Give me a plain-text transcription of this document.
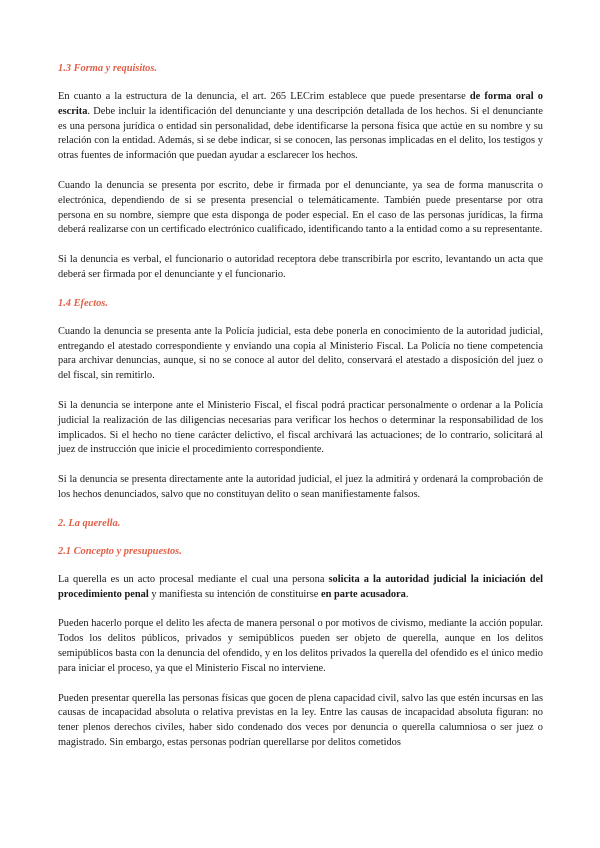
1.3 Forma y requisitos.

En cuanto a la estructura de la denuncia, el art. 265 LECrim establece que puede presentarse de forma oral o escrita. Debe incluir la identificación del denunciante y una descripción detallada de los hechos. Si el denunciante es una persona jurídica o entidad sin personalidad, debe identificarse la persona física que actúe en su nombre y su relación con la entidad. Además, si se debe indicar, si se conocen, las personas implicadas en el delito, los testigos y otras fuentes de información que puedan ayudar a esclarecer los hechos.

Cuando la denuncia se presenta por escrito, debe ir firmada por el denunciante, ya sea de forma manuscrita o electrónica, dependiendo de si se presenta presencial o telemáticamente. También puede presentarse por otra persona en su nombre, siempre que esta disponga de poder especial. En el caso de las personas jurídicas, la firma deberá realizarse con un certificado electrónico cualificado, identificando tanto a la entidad como a su representante.

Si la denuncia es verbal, el funcionario o autoridad receptora debe transcribirla por escrito, levantando un acta que deberá ser firmada por el denunciante y el funcionario.

1.4 Efectos.

Cuando la denuncia se presenta ante la Policía judicial, esta debe ponerla en conocimiento de la autoridad judicial, entregando el atestado correspondiente y enviando una copia al Ministerio Fiscal. La Policía no tiene competencia para archivar denuncias, aunque, si no se conoce al autor del delito, conservará el atestado a disposición del juez o del fiscal, sin remitirlo.

Si la denuncia se interpone ante el Ministerio Fiscal, el fiscal podrá practicar personalmente o ordenar a la Policía judicial la realización de las diligencias necesarias para verificar los hechos o determinar la responsabilidad de los implicados. Si el hecho no tiene carácter delictivo, el fiscal archivará las actuaciones; de lo contrario, solicitará al juez de instrucción que inicie el procedimiento correspondiente.

Si la denuncia se presenta directamente ante la autoridad judicial, el juez la admitirá y ordenará la comprobación de los hechos denunciados, salvo que no constituyan delito o sean manifiestamente falsos.

2. La querella.
2.1 Concepto y presupuestos.

La querella es un acto procesal mediante el cual una persona solicita a la autoridad judicial la iniciación del procedimiento penal y manifiesta su intención de constituirse en parte acusadora.

Pueden hacerlo porque el delito les afecta de manera personal o por motivos de civismo, mediante la acción popular. Todos los delitos públicos, privados y semipúblicos pueden ser objeto de querella, aunque en los delitos semipúblicos basta con la denuncia del ofendido, y en los delitos privados la querella del ofendido es el único medio para iniciar el proceso, ya que el Ministerio Fiscal no interviene.

Pueden presentar querella las personas físicas que gocen de plena capacidad civil, salvo las que estén incursas en las causas de incapacidad absoluta o relativa previstas en la ley. Entre las causas de incapacidad absoluta figuran: no tener plenos derechos civiles, haber sido condenado dos veces por denuncia o querella calumniosa o ser juez o magistrado. Sin embargo, estas personas podrían querellarse por delitos cometidos
